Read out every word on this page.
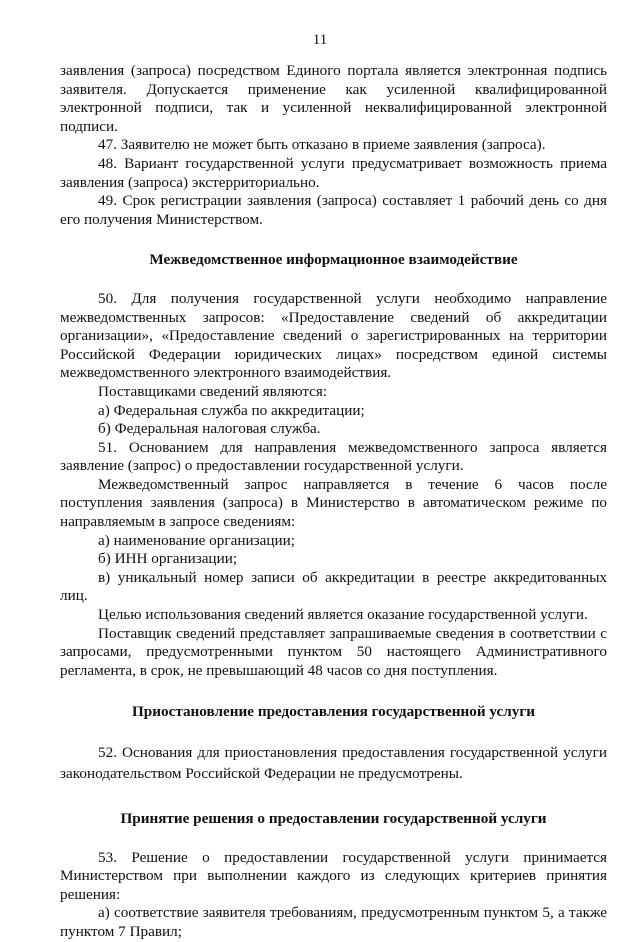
11

заявления (запроса) посредством Единого портала является электронная подпись заявителя. Допускается применение как усиленной квалифицированной электронной подписи, так и усиленной неквалифицированной электронной подписи.

47. Заявителю не может быть отказано в приеме заявления (запроса).

48. Вариант государственной услуги предусматривает возможность приема заявления (запроса) экстерриториально.

49. Срок регистрации заявления (запроса) составляет 1 рабочий день со дня его получения Министерством.

Межведомственное информационное взаимодействие

50. Для получения государственной услуги необходимо направление межведомственных запросов: «Предоставление сведений об аккредитации организации», «Предоставление сведений о зарегистрированных на территории Российской Федерации юридических лицах» посредством единой системы межведомственного электронного взаимодействия.

Поставщиками сведений являются:

а) Федеральная служба по аккредитации;

б) Федеральная налоговая служба.

51. Основанием для направления межведомственного запроса является заявление (запрос) о предоставлении государственной услуги.

Межведомственный запрос направляется в течение 6 часов после поступления заявления (запроса) в Министерство в автоматическом режиме по направляемым в запросе сведениям:

а) наименование организации;

б) ИНН организации;

в) уникальный номер записи об аккредитации в реестре аккредитованных лиц.

Целью использования сведений является оказание государственной услуги.

Поставщик сведений представляет запрашиваемые сведения в соответствии с запросами, предусмотренными пунктом 50 настоящего Административного регламента, в срок, не превышающий 48 часов со дня поступления.

Приостановление предоставления государственной услуги

52. Основания для приостановления предоставления государственной услуги законодательством Российской Федерации не предусмотрены.

Принятие решения о предоставлении государственной услуги

53. Решение о предоставлении государственной услуги принимается Министерством при выполнении каждого из следующих критериев принятия решения:

а) соответствие заявителя требованиям, предусмотренным пунктом 5, а также пунктом 7 Правил;
